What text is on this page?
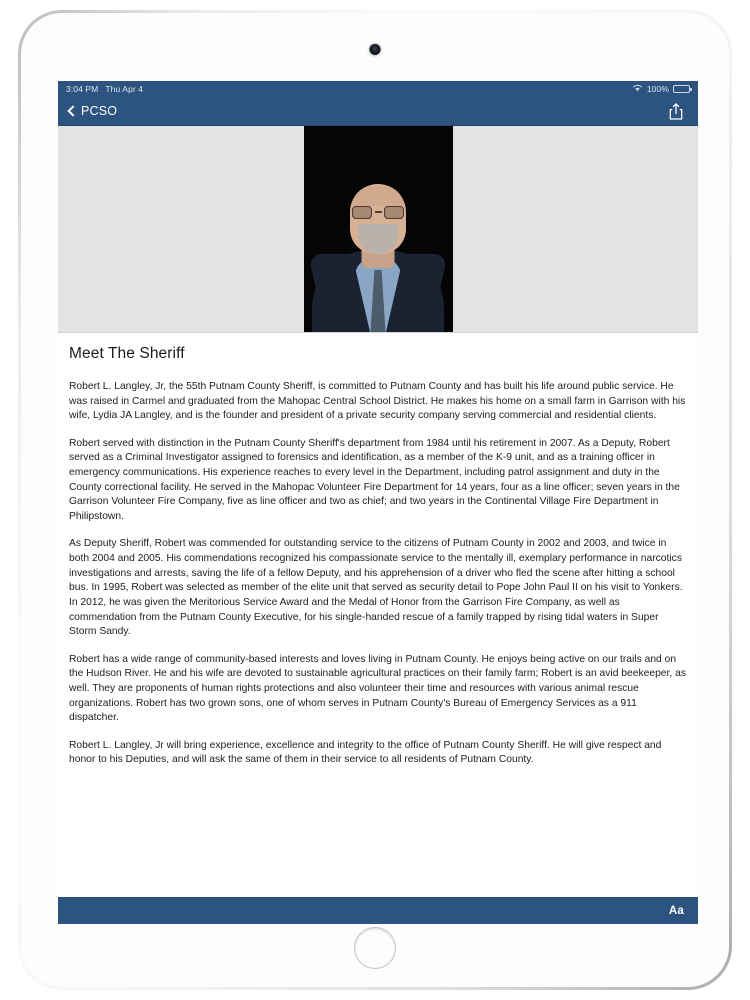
3:04 PM Thu Apr 4	100%
PCSO
Meet The Sheriff

Robert L. Langley, Jr, the 55th Putnam County Sheriff, is committed to Putnam County and has built his life around public service. He was raised in Carmel and graduated from the Mahopac Central School District. He makes his home on a small farm in Garrison with his wife, Lydia JA Langley, and is the founder and president of a private security company serving commercial and residential clients.

Robert served with distinction in the Putnam County Sheriff's department from 1984 until his retirement in 2007. As a Deputy, Robert served as a Criminal Investigator assigned to forensics and identification, as a member of the K-9 unit, and as a training officer in emergency communications. His experience reaches to every level in the Department, including patrol assignment and duty in the County correctional facility. He served in the Mahopac Volunteer Fire Department for 14 years, four as a line officer; seven years in the Garrison Volunteer Fire Company, five as line officer and two as chief; and two years in the Continental Village Fire Department in Philipstown.

As Deputy Sheriff, Robert was commended for outstanding service to the citizens of Putnam County in 2002 and 2003, and twice in both 2004 and 2005. His commendations recognized his compassionate service to the mentally ill, exemplary performance in narcotics investigations and arrests, saving the life of a fellow Deputy, and his apprehension of a driver who fled the scene after hitting a school bus. In 1995, Robert was selected as member of the elite unit that served as security detail to Pope John Paul II on his visit to Yonkers. In 2012, he was given the Meritorious Service Award and the Medal of Honor from the Garrison Fire Company, as well as commendation from the Putnam County Executive, for his single-handed rescue of a family trapped by rising tidal waters in Super Storm Sandy.

Robert has a wide range of community-based interests and loves living in Putnam County. He enjoys being active on our trails and on the Hudson River. He and his wife are devoted to sustainable agricultural practices on their family farm; Robert is an avid beekeeper, as well. They are proponents of human rights protections and also volunteer their time and resources with various animal rescue organizations. Robert has two grown sons, one of whom serves in Putnam County's Bureau of Emergency Services as a 911 dispatcher.

Robert L. Langley, Jr will bring experience, excellence and integrity to the office of Putnam County Sheriff. He will give respect and honor to his Deputies, and will ask the same of them in their service to all residents of Putnam County.

Aa
